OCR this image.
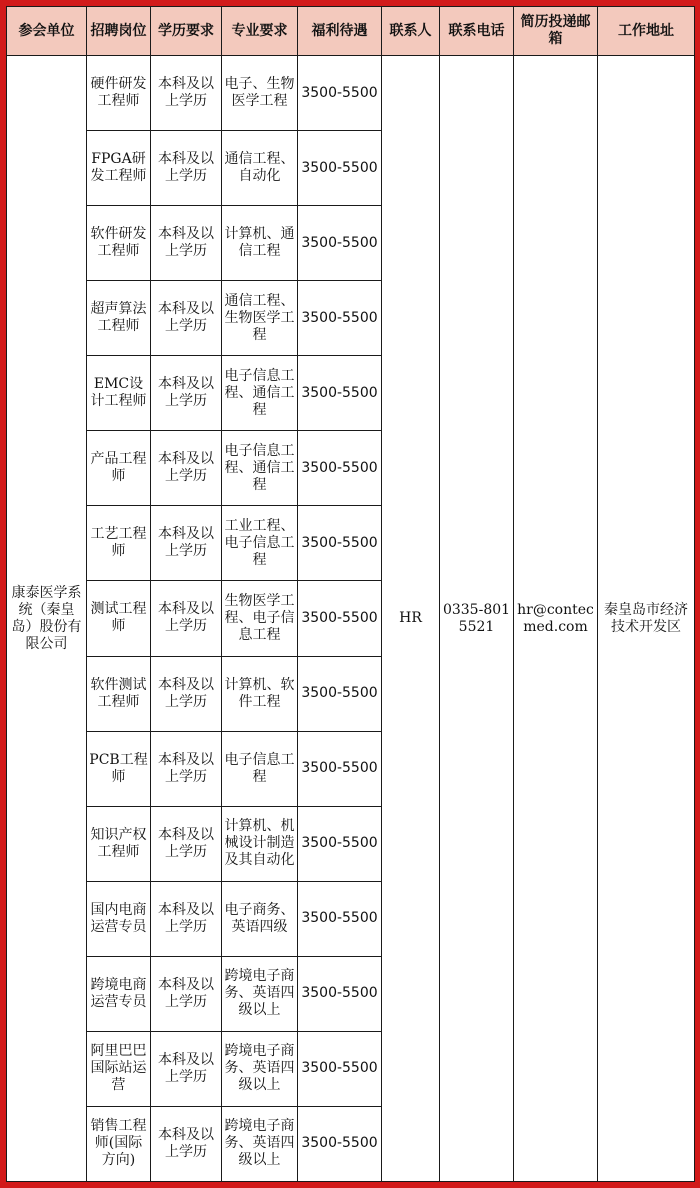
参会单位	招聘岗位	学历要求	专业要求	福利待遇	联系人	联系电话	简历投递邮箱	工作地址
康泰医学系统（秦皇岛）股份有限公司	硬件研发工程师	本科及以上学历	电子、生物医学工程	3500-5500	HR	0335-8015521	hr@contecmed.com	秦皇岛市经济技术开发区
	FPGA研发工程师	本科及以上学历	通信工程、自动化	3500-5500				
	软件研发工程师	本科及以上学历	计算机、通信工程	3500-5500				
	超声算法工程师	本科及以上学历	通信工程、生物医学工程	3500-5500				
	EMC设计工程师	本科及以上学历	电子信息工程、通信工程	3500-5500				
	产品工程师	本科及以上学历	电子信息工程、通信工程	3500-5500				
	工艺工程师	本科及以上学历	工业工程、电子信息工程	3500-5500				
	测试工程师	本科及以上学历	生物医学工程、电子信息工程	3500-5500				
	软件测试工程师	本科及以上学历	计算机、软件工程	3500-5500				
	PCB工程师	本科及以上学历	电子信息工程	3500-5500				
	知识产权工程师	本科及以上学历	计算机、机械设计制造及其自动化	3500-5500				
	国内电商运营专员	本科及以上学历	电子商务、英语四级	3500-5500				
	跨境电商运营专员	本科及以上学历	跨境电子商务、英语四级以上	3500-5500				
	阿里巴巴国际站运营	本科及以上学历	跨境电子商务、英语四级以上	3500-5500				
	销售工程师(国际方向)	本科及以上学历	跨境电子商务、英语四级以上	3500-5500				
